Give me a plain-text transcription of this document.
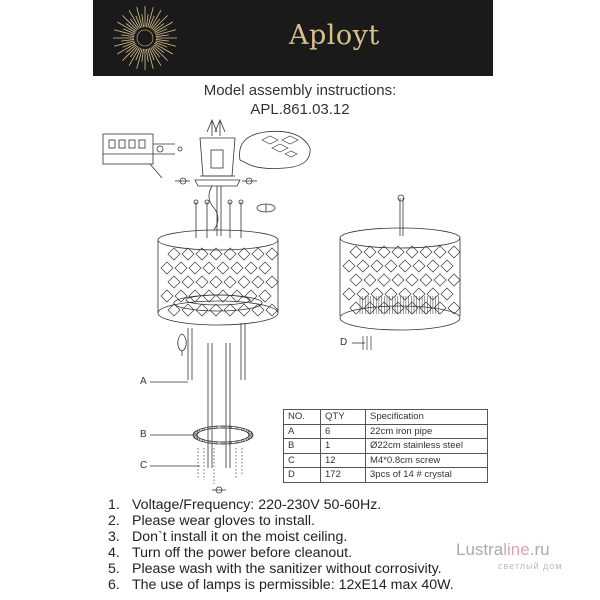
Aployt
Model assembly instructions:
APL.861.03.12
A
B
C
D
NO.	QTY	Specification
A	6	22cm iron pipe
B	1	Ø22cm stainless steel
C	12	M4*0.8cm screw
D	172	3pcs of 14 # crystal
1. Voltage/Frequency: 220-230V 50-60Hz.
2. Please wear gloves to install.
3. Don`t install it on the moist ceiling.
4. Turn off the power before cleanout.
5. Please wash with the sanitizer without corrosivity.
6. The use of lamps is permissible: 12xE14 max 40W.
Lustraline.ru
светлый дом
